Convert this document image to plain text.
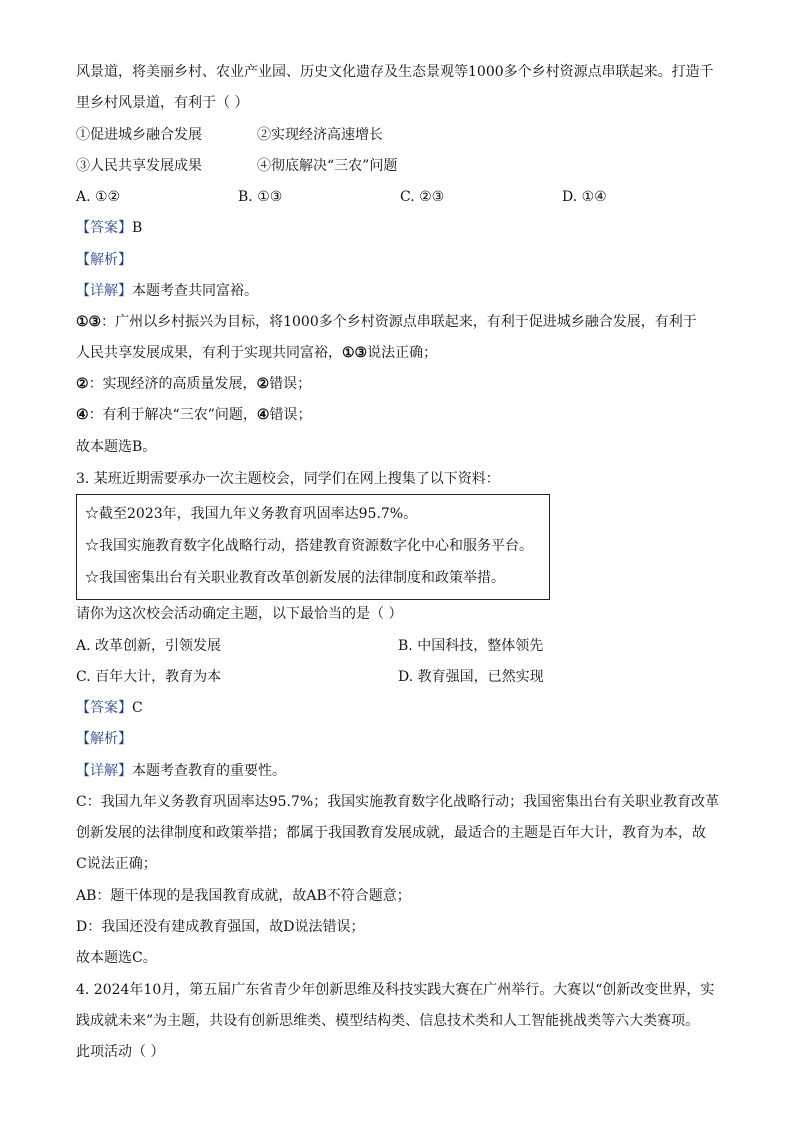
风景道，将美丽乡村、农业产业园、历史文化遗存及生态景观等1000多个乡村资源点串联起来。打造千
里乡村风景道，有利于（ ）
①促进城乡融合发展	②实现经济高速增长
③人民共享发展成果	④彻底解决“三农”问题
A. ①②	B. ①③	C. ②③	D. ①④
【答案】B
【解析】
【详解】本题考查共同富裕。
①③：广州以乡村振兴为目标，将1000多个乡村资源点串联起来，有利于促进城乡融合发展，有利于
人民共享发展成果，有利于实现共同富裕，①③说法正确；
②：实现经济的高质量发展，②错误；
④：有利于解决“三农”问题，④错误；
故本题选B。
3. 某班近期需要承办一次主题校会，同学们在网上搜集了以下资料：
☆截至2023年，我国九年义务教育巩固率达95.7%。
☆我国实施教育数字化战略行动，搭建教育资源数字化中心和服务平台。
☆我国密集出台有关职业教育改革创新发展的法律制度和政策举措。
请你为这次校会活动确定主题，以下最恰当的是（ ）
A. 改革创新，引领发展	B. 中国科技，整体领先
C. 百年大计，教育为本	D. 教育强国，已然实现
【答案】C
【解析】
【详解】本题考查教育的重要性。
C：我国九年义务教育巩固率达95.7%；我国实施教育数字化战略行动；我国密集出台有关职业教育改革
创新发展的法律制度和政策举措；都属于我国教育发展成就，最适合的主题是百年大计，教育为本，故
C说法正确；
AB：题干体现的是我国教育成就，故AB不符合题意；
D：我国还没有建成教育强国，故D说法错误；
故本题选C。
4. 2024年10月，第五届广东省青少年创新思维及科技实践大赛在广州举行。大赛以“创新改变世界，实
践成就未来”为主题，共设有创新思维类、模型结构类、信息技术类和人工智能挑战类等六大类赛项。
此项活动（ ）
